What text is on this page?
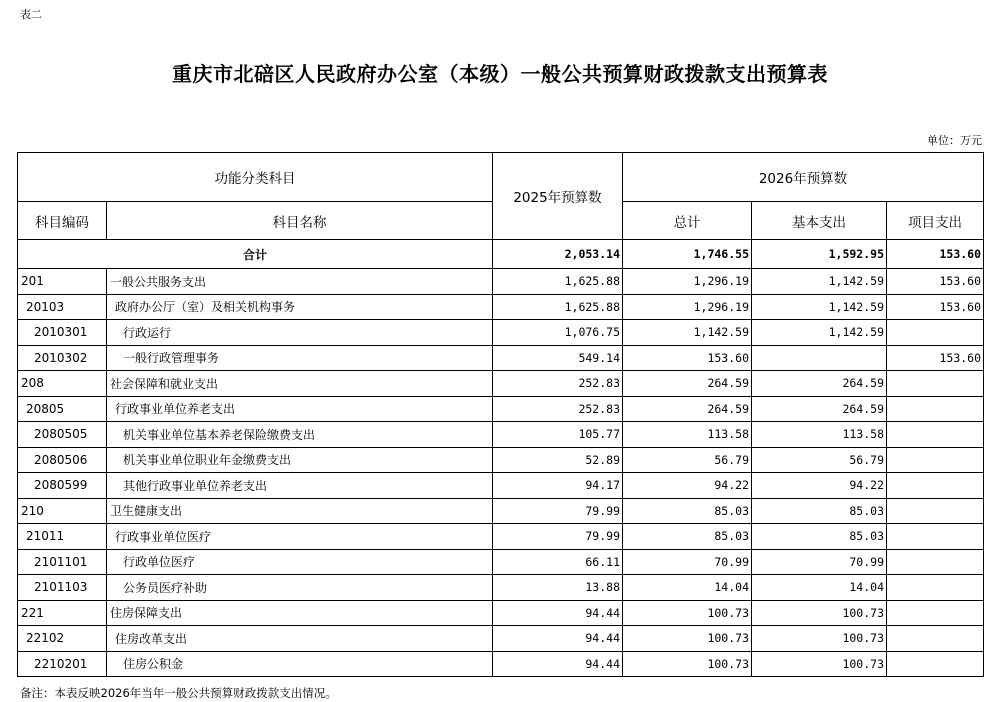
表二
重庆市北碚区人民政府办公室（本级）一般公共预算财政拨款支出预算表
单位：万元
功能分类科目		2025年预算数	2026年预算数		
科目编码	科目名称		总计	基本支出	项目支出
合计		2,053.14	1,746.55	1,592.95	153.60
201	一般公共服务支出	1,625.88	1,296.19	1,142.59	153.60
20103	政府办公厅（室）及相关机构事务	1,625.88	1,296.19	1,142.59	153.60
2010301	行政运行	1,076.75	1,142.59	1,142.59	
2010302	一般行政管理事务	549.14	153.60		153.60
208	社会保障和就业支出	252.83	264.59	264.59	
20805	行政事业单位养老支出	252.83	264.59	264.59	
2080505	机关事业单位基本养老保险缴费支出	105.77	113.58	113.58	
2080506	机关事业单位职业年金缴费支出	52.89	56.79	56.79	
2080599	其他行政事业单位养老支出	94.17	94.22	94.22	
210	卫生健康支出	79.99	85.03	85.03	
21011	行政事业单位医疗	79.99	85.03	85.03	
2101101	行政单位医疗	66.11	70.99	70.99	
2101103	公务员医疗补助	13.88	14.04	14.04	
221	住房保障支出	94.44	100.73	100.73	
22102	住房改革支出	94.44	100.73	100.73	
2210201	住房公积金	94.44	100.73	100.73	
备注：本表反映2026年当年一般公共预算财政拨款支出情况。
